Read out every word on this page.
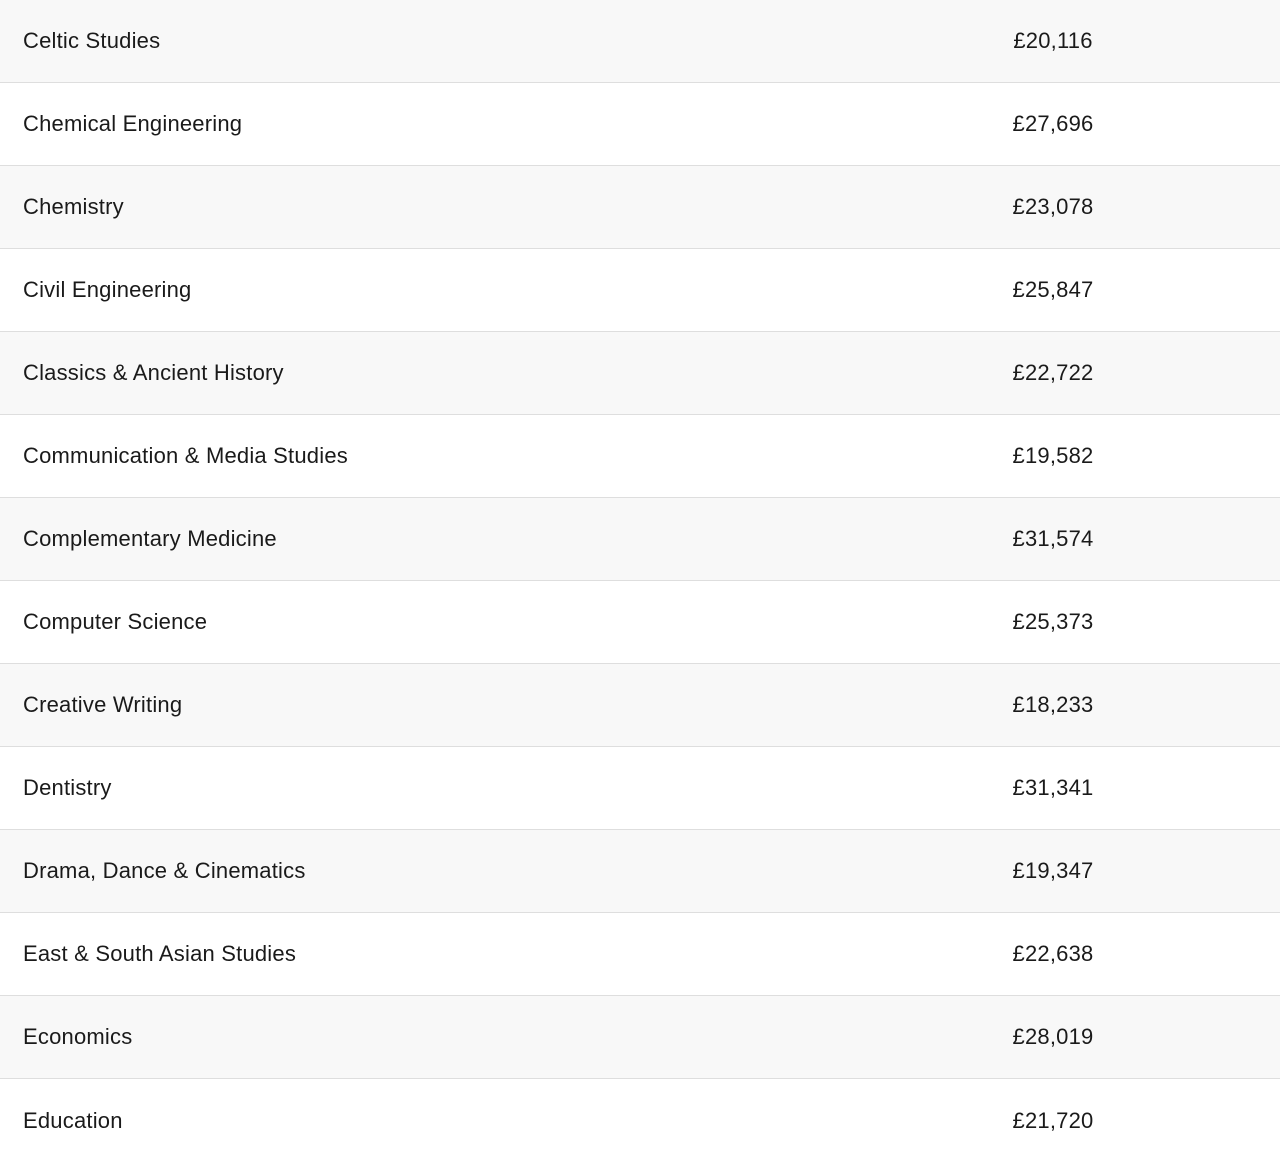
Celtic Studies	£20,116
Chemical Engineering	£27,696
Chemistry	£23,078
Civil Engineering	£25,847
Classics & Ancient History	£22,722
Communication & Media Studies	£19,582
Complementary Medicine	£31,574
Computer Science	£25,373
Creative Writing	£18,233
Dentistry	£31,341
Drama, Dance & Cinematics	£19,347
East & South Asian Studies	£22,638
Economics	£28,019
Education	£21,720
